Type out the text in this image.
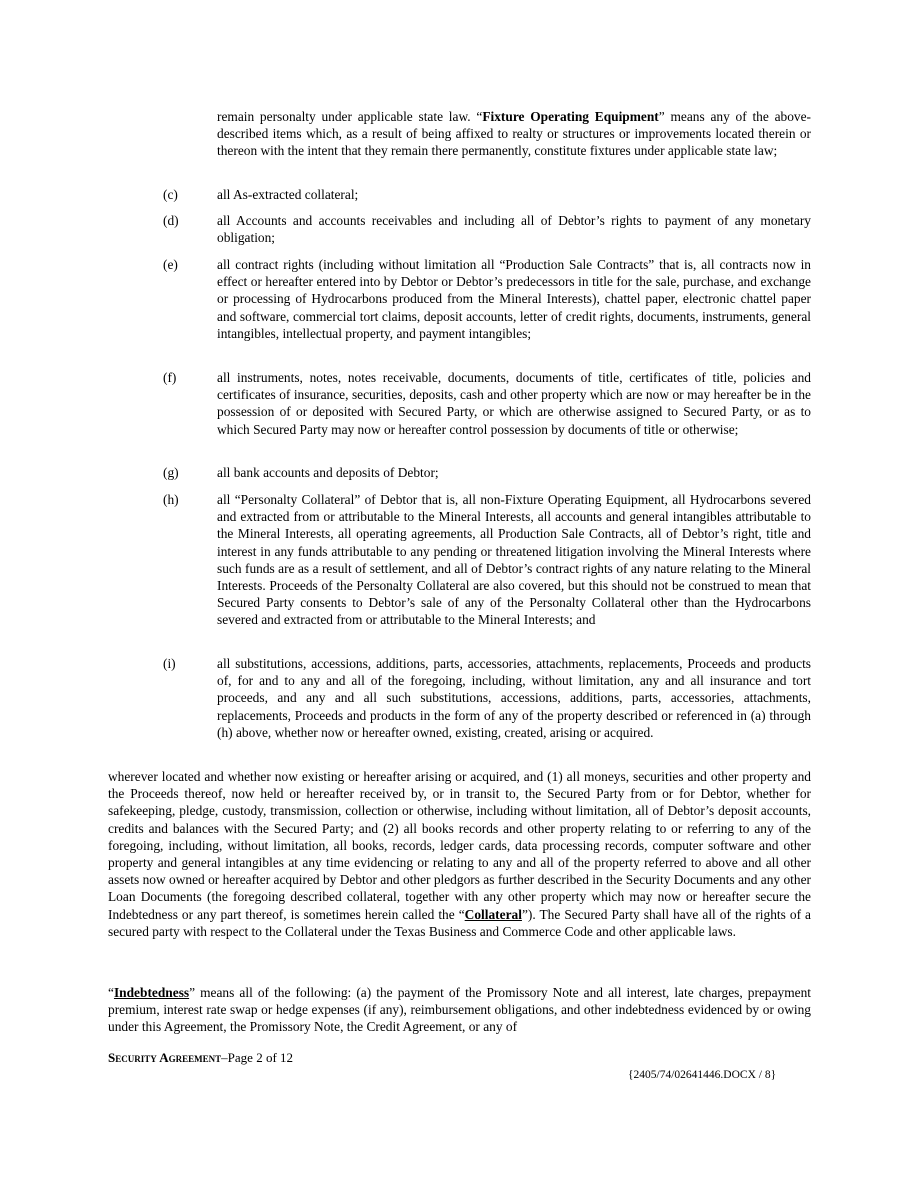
remain personalty under applicable state law. “Fixture Operating Equipment” means any of the above-described items which, as a result of being affixed to realty or structures or improvements located therein or thereon with the intent that they remain there permanently, constitute fixtures under applicable state law;
(c)	all As-extracted collateral;
(d)	all Accounts and accounts receivables and including all of Debtor’s rights to payment of any monetary obligation;
(e)	all contract rights (including without limitation all “Production Sale Contracts” that is, all contracts now in effect or hereafter entered into by Debtor or Debtor’s predecessors in title for the sale, purchase, and exchange or processing of Hydrocarbons produced from the Mineral Interests), chattel paper, electronic chattel paper and software, commercial tort claims, deposit accounts, letter of credit rights, documents, instruments, general intangibles, intellectual property, and payment intangibles;
(f)	all instruments, notes, notes receivable, documents, documents of title, certificates of title, policies and certificates of insurance, securities, deposits, cash and other property which are now or may hereafter be in the possession of or deposited with Secured Party, or which are otherwise assigned to Secured Party, or as to which Secured Party may now or hereafter control possession by documents of title or otherwise;
(g)	all bank accounts and deposits of Debtor;
(h)	all “Personalty Collateral” of Debtor that is, all non-Fixture Operating Equipment, all Hydrocarbons severed and extracted from or attributable to the Mineral Interests, all accounts and general intangibles attributable to the Mineral Interests, all operating agreements, all Production Sale Contracts, all of Debtor’s right, title and interest in any funds attributable to any pending or threatened litigation involving the Mineral Interests where such funds are as a result of settlement, and all of Debtor’s contract rights of any nature relating to the Mineral Interests. Proceeds of the Personalty Collateral are also covered, but this should not be construed to mean that Secured Party consents to Debtor’s sale of any of the Personalty Collateral other than the Hydrocarbons severed and extracted from or attributable to the Mineral Interests; and
(i)	all substitutions, accessions, additions, parts, accessories, attachments, replacements, Proceeds and products of, for and to any and all of the foregoing, including, without limitation, any and all insurance and tort proceeds, and any and all such substitutions, accessions, additions, parts, accessories, attachments, replacements, Proceeds and products in the form of any of the property described or referenced in (a) through (h) above, whether now or hereafter owned, existing, created, arising or acquired.
wherever located and whether now existing or hereafter arising or acquired, and (1) all moneys, securities and other property and the Proceeds thereof, now held or hereafter received by, or in transit to, the Secured Party from or for Debtor, whether for safekeeping, pledge, custody, transmission, collection or otherwise, including without limitation, all of Debtor’s deposit accounts, credits and balances with the Secured Party; and (2) all books records and other property relating to or referring to any of the foregoing, including, without limitation, all books, records, ledger cards, data processing records, computer software and other property and general intangibles at any time evidencing or relating to any and all of the property referred to above and all other assets now owned or hereafter acquired by Debtor and other pledgors as further described in the Security Documents and any other Loan Documents (the foregoing described collateral, together with any other property which may now or hereafter secure the Indebtedness or any part thereof, is sometimes herein called the “Collateral”). The Secured Party shall have all of the rights of a secured party with respect to the Collateral under the Texas Business and Commerce Code and other applicable laws.
“Indebtedness” means all of the following: (a) the payment of the Promissory Note and all interest, late charges, prepayment premium, interest rate swap or hedge expenses (if any), reimbursement obligations, and other indebtedness evidenced by or owing under this Agreement, the Promissory Note, the Credit Agreement, or any of
Security Agreement–Page 2 of 12
{2405/74/02641446.DOCX / 8}
